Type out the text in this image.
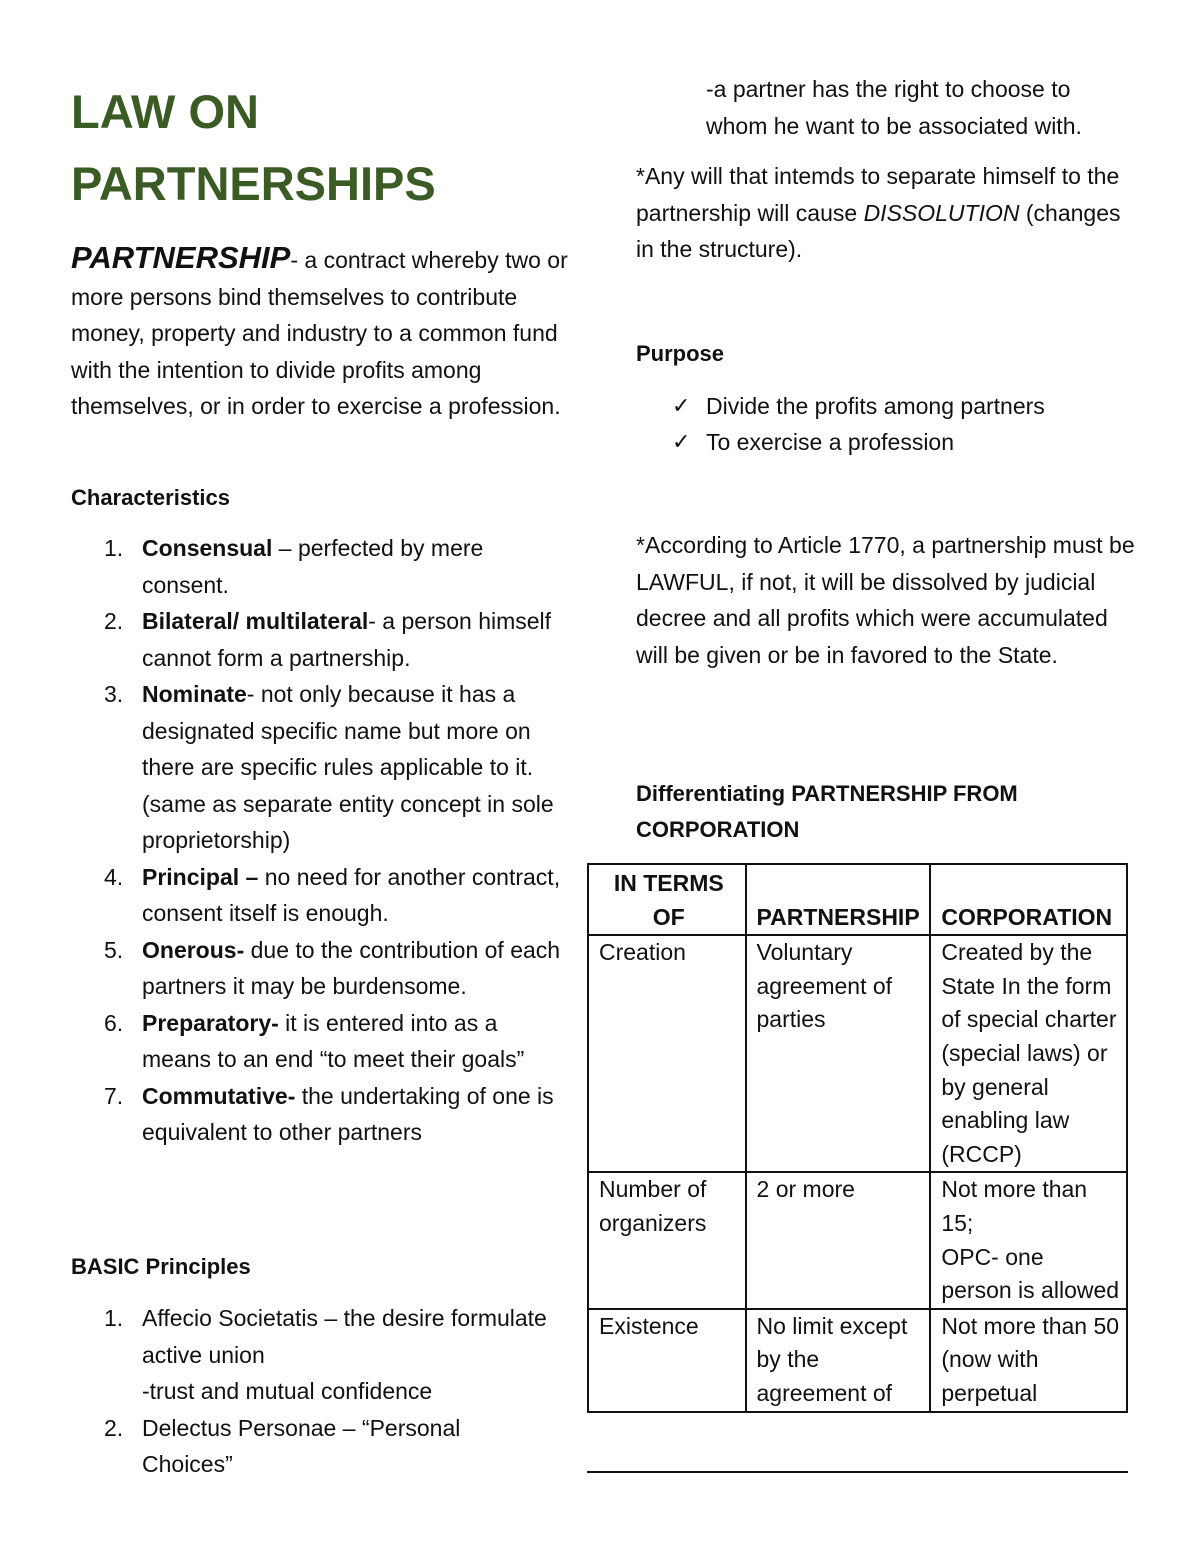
LAW ON
PARTNERSHIPS

PARTNERSHIP- a contract whereby two or more persons bind themselves to contribute money, property and industry to a common fund with the intention to divide profits among themselves, or in order to exercise a profession.

Characteristics

1. Consensual – perfected by mere consent.
2. Bilateral/ multilateral- a person himself cannot form a partnership.
3. Nominate- not only because it has a designated specific name but more on there are specific rules applicable to it. (same as separate entity concept in sole proprietorship)
4. Principal – no need for another contract, consent itself is enough.
5. Onerous- due to the contribution of each partners it may be burdensome.
6. Preparatory- it is entered into as a means to an end “to meet their goals”
7. Commutative- the undertaking of one is equivalent to other partners

BASIC Principles

1. Affecio Societatis – the desire formulate active union
-trust and mutual confidence
2. Delectus Personae – “Personal Choices”

-a partner has the right to choose to whom he want to be associated with.

*Any will that intemds to separate himself to the partnership will cause DISSOLUTION (changes in the structure).

Purpose

✓ Divide the profits among partners
✓ To exercise a profession

*According to Article 1770, a partnership must be LAWFUL, if not, it will be dissolved by judicial decree and all profits which were accumulated will be given or be in favored to the State.

Differentiating PARTNERSHIP FROM CORPORATION

IN TERMS OF	PARTNERSHIP	CORPORATION
Creation	Voluntary agreement of parties	Created by the State In the form of special charter (special laws) or by general enabling law (RCCP)
Number of organizers	2 or more	Not more than 15;
OPC- one person is allowed
Existence	No limit except by the agreement of	Not more than 50 (now with perpetual
